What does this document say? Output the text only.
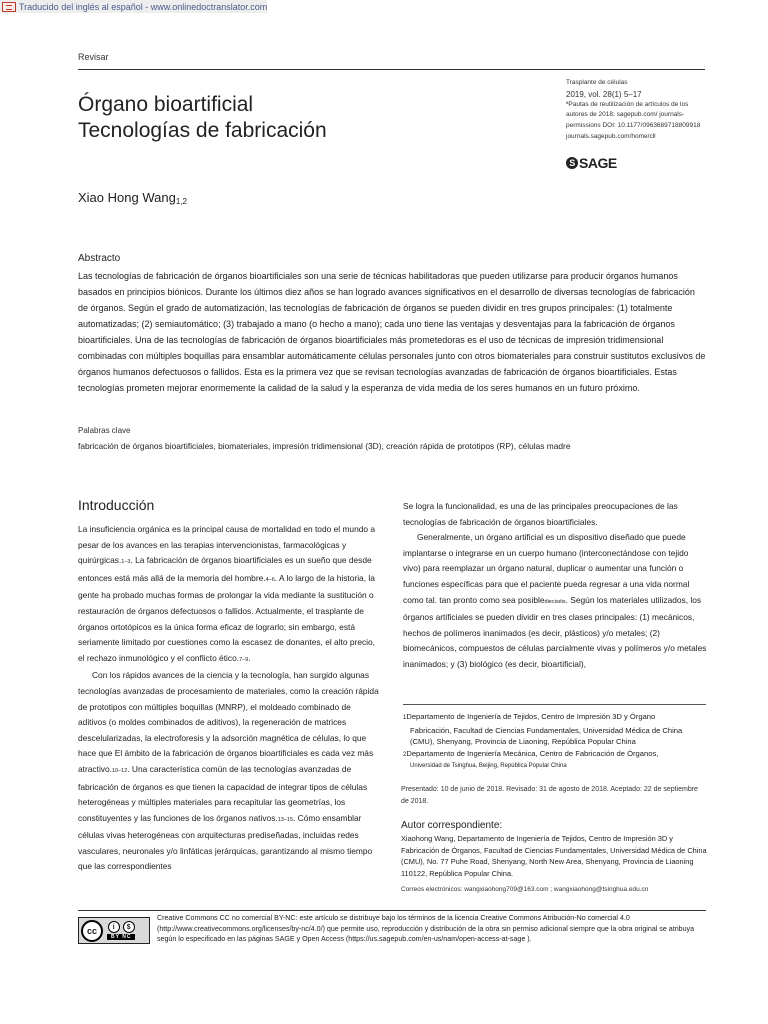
Traducido del inglés al español - www.onlinedoctranslator.com
Revisar
Órgano bioartificial
Tecnologías de fabricación
Trasplante de células
2019, vol. 28(1) 5–17
ªPautas de reutilización de artículos de los autores de 2018: sagepub.com/ journals-permissions DOI: 10.1177/0963689718809918 journals.sagepub.com/home/cll
S SAGE
Xiao Hong Wang$^{1,2}$
Abstracto
Las tecnologías de fabricación de órganos bioartificiales son una serie de técnicas habilitadoras que pueden utilizarse para producir órganos humanos basados en principios biónicos. Durante los últimos diez años se han logrado avances significativos en el desarrollo de diversas tecnologías de fabricación de órganos. Según el grado de automatización, las tecnologías de fabricación de órganos se pueden dividir en tres grupos principales: (1) totalmente automatizadas; (2) semiautomático; (3) trabajado a mano (o hecho a mano); cada uno tiene las ventajas y desventajas para la fabricación de órganos bioartificiales. Una de las tecnologías de fabricación de órganos bioartificiales más prometedoras es el uso de técnicas de impresión tridimensional combinadas con múltiples boquillas para ensamblar automáticamente células personales junto con otros biomateriales para construir sustitutos exclusivos de órganos humanos defectuosos o fallidos. Esta es la primera vez que se revisan tecnologías avanzadas de fabricación de órganos bioartificiales. Estas tecnologías prometen mejorar enormemente la calidad de la salud y la esperanza de vida media de los seres humanos en un futuro próximo.
Palabras clave
fabricación de órganos bioartificiales, biomateriales, impresión tridimensional (3D), creación rápida de prototipos (RP), células madre
Introducción

La insuficiencia orgánica es la principal causa de mortalidad en todo el mundo a pesar de los avances en las terapias intervencionistas, farmacológicas y quirúrgicas.1–3. La fabricación de órganos bioartificiales es un sueño que desde entonces está más allá de la memoria del hombre.4–6. A lo largo de la historia, la gente ha probado muchas formas de prolongar la vida mediante la sustitución o restauración de órganos defectuosos o fallidos. Actualmente, el trasplante de órganos ortotópicos es la única forma eficaz de lograrlo; sin embargo, está seriamente limitado por cuestiones como la escasez de donantes, el alto precio, el rechazo inmunológico y el conflicto ético.7–9.

Con los rápidos avances de la ciencia y la tecnología, han surgido algunas tecnologías avanzadas de procesamiento de materiales, como la creación rápida de prototipos con múltiples boquillas (MNRP), el moldeado combinado de aditivos (o moldes combinados de aditivos), la regeneración de matrices descelularizadas, la electroforesis y la adsorción magnética de células, lo que hace que El ámbito de la fabricación de órganos bioartificiales es cada vez más atractivo.10–12. Una característica común de las tecnologías avanzadas de fabricación de órganos es que tienen la capacidad de integrar tipos de células heterogéneas y múltiples materiales para recapitular las geometrías, los constituyentes y las funciones de los órganos nativos.13–15. Cómo ensamblar células vivas heterogéneas con arquitecturas prediseñadas, incluidas redes vasculares, neuronales y/o linfáticas jerárquicas, garantizando al mismo tiempo que las correspondientes

Se logra la funcionalidad, es una de las principales preocupaciones de las tecnologías de fabricación de órganos bioartificiales.

Generalmente, un órgano artificial es un dispositivo diseñado que puede implantarse o integrarse en un cuerpo humano (interconectándose con tejido vivo) para reemplazar un órgano natural, duplicar o aumentar una función o funciones específicas para que el paciente pueda regresar a una vida normal como tal. tan pronto como sea posibledieciséis. Según los materiales utilizados, los órganos artificiales se pueden dividir en tres clases principales: (1) mecánicos, hechos de polímeros inanimados (es decir, plásticos) y/o metales; (2) biomecánicos, compuestos de células parcialmente vivas y polímeros y/o metales inanimados; y (3) biológico (es decir, bioartificial),

1Departamento de Ingeniería de Tejidos, Centro de Impresión 3D y Órgano
Fabricación, Facultad de Ciencias Fundamentales, Universidad Médica de China (CMU), Shenyang, Provincia de Liaoning, República Popular China
2Departamento de Ingeniería Mecánica, Centro de Fabricación de Órganos,
Universidad de Tsinghua, Beijing, República Popular China
Presentado: 10 de junio de 2018. Revisado: 31 de agosto de 2018. Aceptado: 22 de septiembre de 2018.
Autor correspondiente:
Xiaohong Wang, Departamento de Ingeniería de Tejidos, Centro de Impresión 3D y Fabricación de Órganos, Facultad de Ciencias Fundamentales, Universidad Médica de China (CMU), No. 77 Puhe Road, Shenyang, North New Area, Shenyang, Provincia de Liaoning 110122, República Popular China.
Correos electrónicos: wangxiaohong709@163.com ; wangxiaohong@tsinghua.edu.cn
cc	i	$
BY NC
Creative Commons CC no comercial BY-NC: este artículo se distribuye bajo los términos de la licencia Creative Commons Atribución-No comercial 4.0 (http://www.creativecommons.org/licenses/by-nc/4.0/) que permite uso, reproducción y distribución de la obra sin permiso adicional siempre que la obra original se atribuya según lo especificado en las páginas SAGE y Open Access (https://us.sagepub.com/en-us/nam/open-access-at-sage ).
